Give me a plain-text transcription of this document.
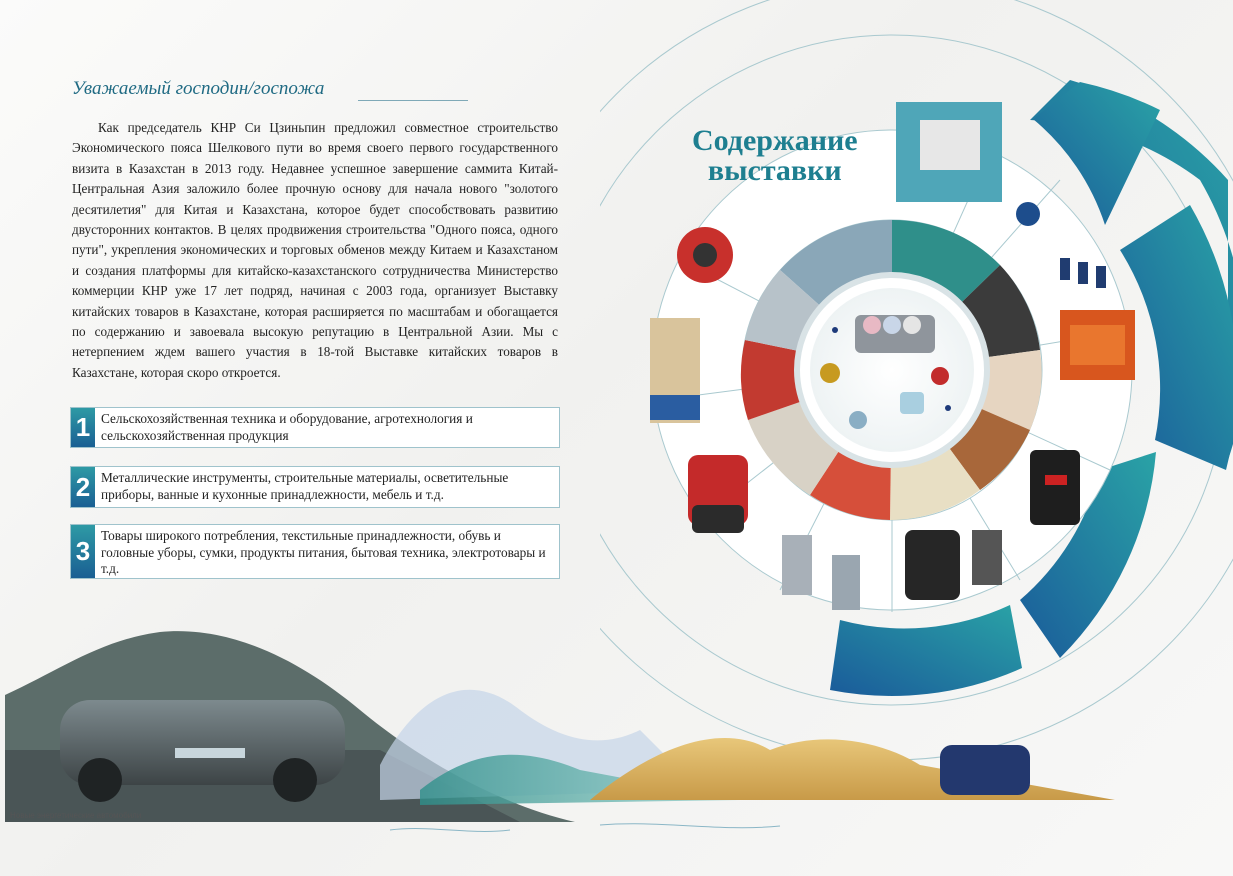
Уважаемый господин/госпожа

Как председатель КНР Си Цзиньпин предложил совместное строительство Экономического пояса Шелкового пути во время своего первого государственного визита в Казахстан в 2013 году. Недавнее успешное завершение саммита Китай-Центральная Азия заложило более прочную основу для начала нового "золотого десятилетия" для Китая и Казахстана, которое будет способствовать развитию двусторонних контактов. В целях продвижения строительства "Одного пояса, одного пути", укрепления экономических и торговых обменов между Китаем и Казахстаном и создания платформы для китайско-казахстанского сотрудничества Министерство коммерции КНР уже 17 лет подряд, начиная с 2003 года, организует Выставку китайских товаров в Казахстане, которая расширяется по масштабам и обогащается по содержанию и завоевала высокую репутацию в Центральной Азии. Мы с нетерпением ждем вашего участия в 18-той Выставке китайских товаров в Казахстане, которая скоро откроется.

1 Сельскохозяйственная техника и оборудование, агротехнология и сельскохозяйственная продукция
2 Металлические инструменты, строительные материалы, осветительные приборы, ванные и кухонные принадлежности, мебель и т.д.
3
Товары широкого потребления, текстильные принадлежности, обувь и головные уборы, сумки, продукты питания, бытовая техника, электротовары и т.д.
Содержание
выставки
Новые энергетические автомобили
